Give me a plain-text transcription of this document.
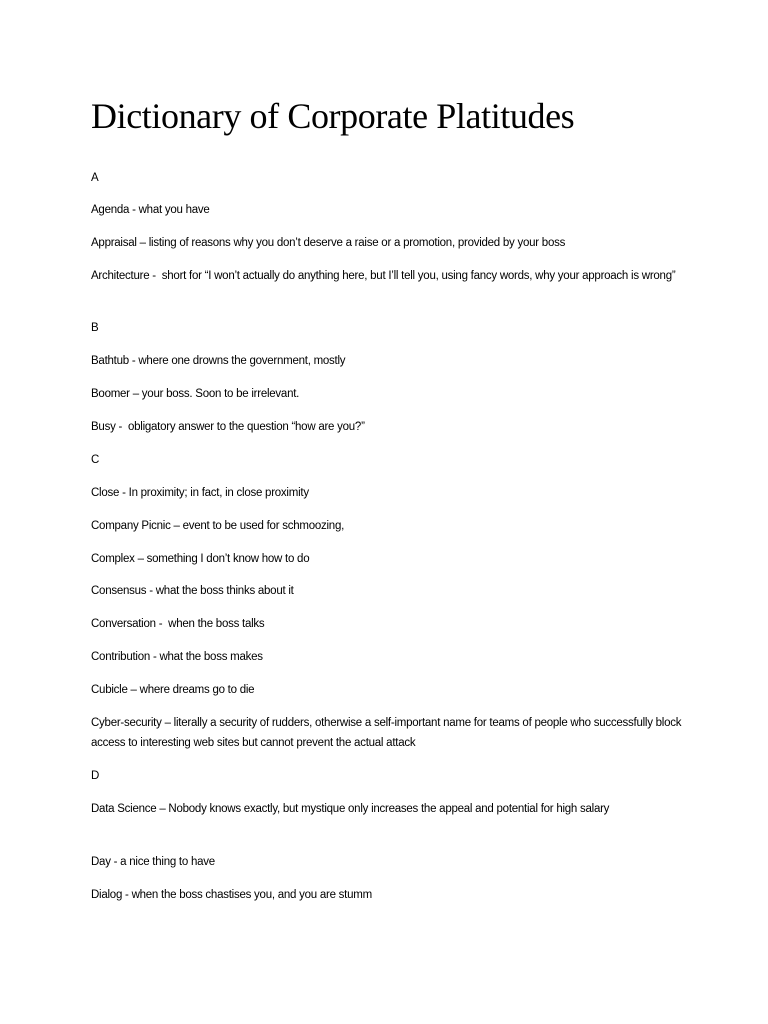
Dictionary of Corporate Platitudes

A

Agenda - what you have

Appraisal – listing of reasons why you don’t deserve a raise or a promotion, provided by your boss

Architecture -  short for “I won’t actually do anything here, but I’ll tell you, using fancy words, why your approach is wrong”

B

Bathtub - where one drowns the government, mostly

Boomer – your boss. Soon to be irrelevant.

Busy -  obligatory answer to the question “how are you?”

C

Close - In proximity; in fact, in close proximity

Company Picnic – event to be used for schmoozing,

Complex – something I don’t know how to do

Consensus - what the boss thinks about it

Conversation -  when the boss talks

Contribution - what the boss makes

Cubicle – where dreams go to die

Cyber-security – literally a security of rudders, otherwise a self-important name for teams of people who successfully block access to interesting web sites but cannot prevent the actual attack

D

Data Science – Nobody knows exactly, but mystique only increases the appeal and potential for high salary

Day - a nice thing to have

Dialog - when the boss chastises you, and you are stumm
